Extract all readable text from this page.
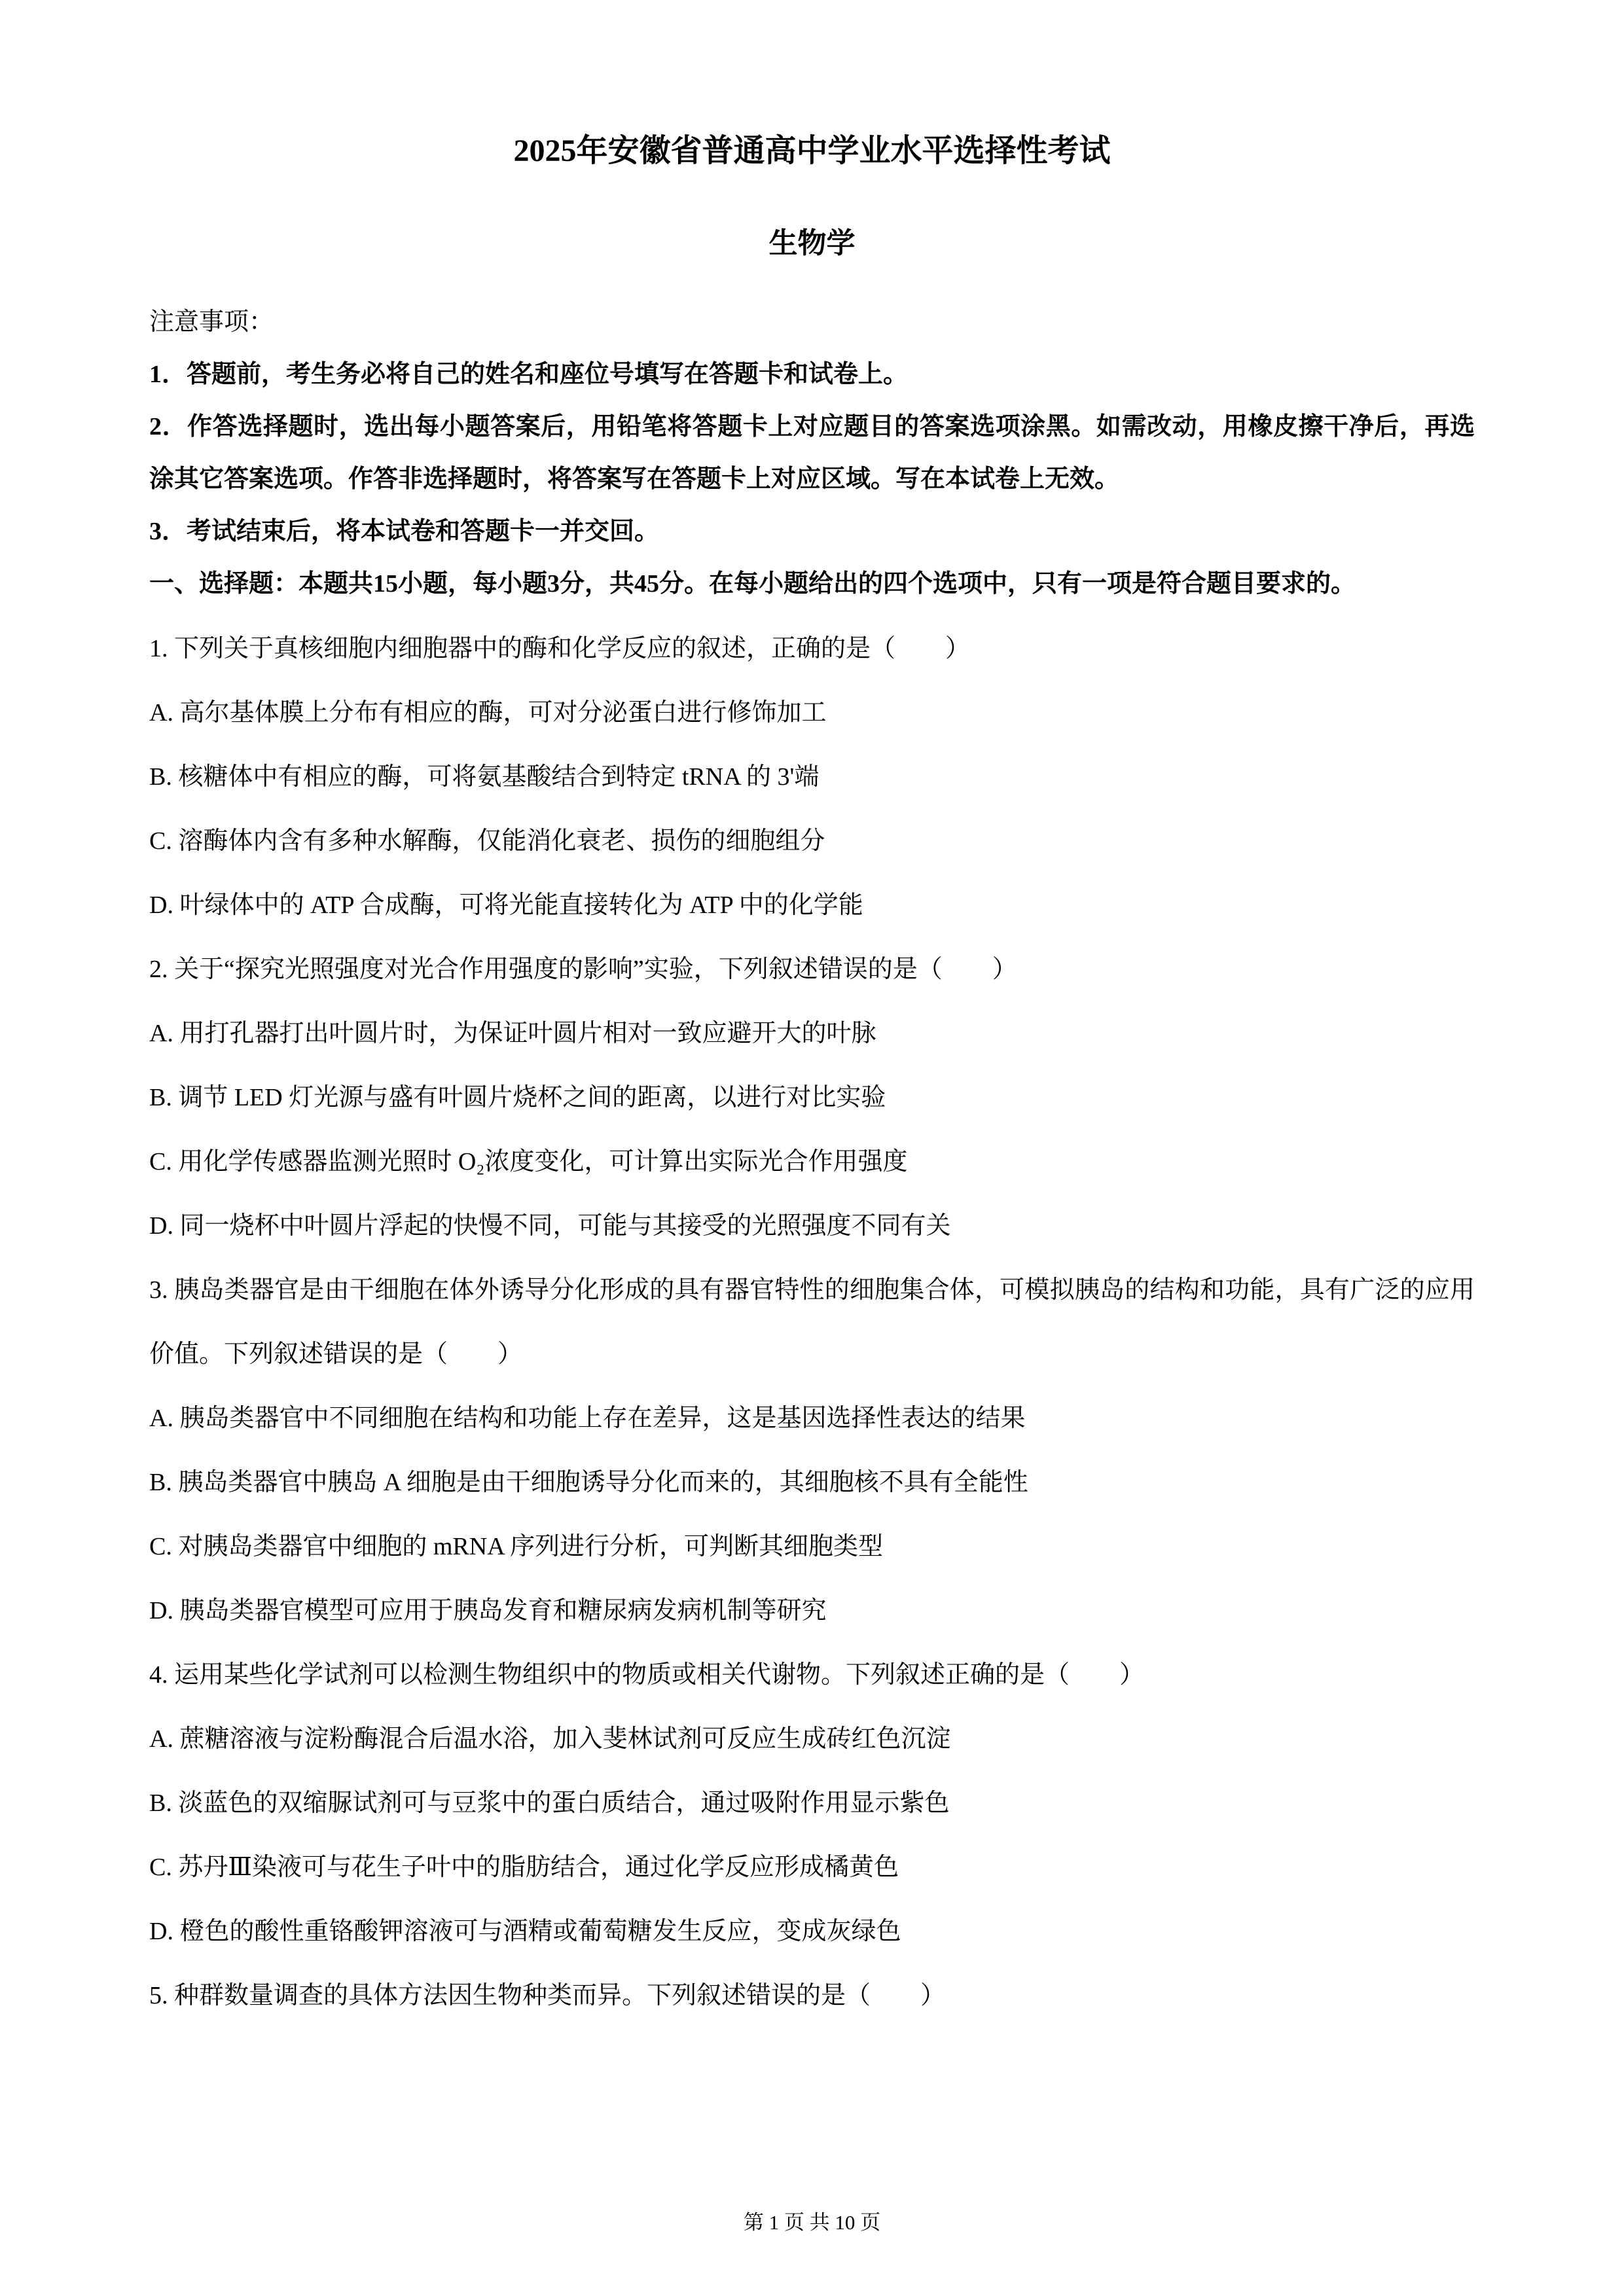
2025年安徽省普通高中学业水平选择性考试
生物学

注意事项：

1．答题前，考生务必将自己的姓名和座位号填写在答题卡和试卷上。

2．作答选择题时，选出每小题答案后，用铅笔将答题卡上对应题目的答案选项涂黑。如需改动，用橡皮擦干净后，再选涂其它答案选项。作答非选择题时，将答案写在答题卡上对应区域。写在本试卷上无效。

3．考试结束后，将本试卷和答题卡一并交回。

一、选择题：本题共15小题，每小题3分，共45分。在每小题给出的四个选项中，只有一项是符合题目要求的。

1. 下列关于真核细胞内细胞器中的酶和化学反应的叙述，正确的是（　　）

A. 高尔基体膜上分布有相应的酶，可对分泌蛋白进行修饰加工

B. 核糖体中有相应的酶，可将氨基酸结合到特定 tRNA 的 3'端

C. 溶酶体内含有多种水解酶，仅能消化衰老、损伤的细胞组分

D. 叶绿体中的 ATP 合成酶，可将光能直接转化为 ATP 中的化学能

2. 关于“探究光照强度对光合作用强度的影响”实验，下列叙述错误的是（　　）

A. 用打孔器打出叶圆片时，为保证叶圆片相对一致应避开大的叶脉

B. 调节 LED 灯光源与盛有叶圆片烧杯之间的距离，以进行对比实验

C. 用化学传感器监测光照时 O₂浓度变化，可计算出实际光合作用强度

D. 同一烧杯中叶圆片浮起的快慢不同，可能与其接受的光照强度不同有关

3. 胰岛类器官是由干细胞在体外诱导分化形成的具有器官特性的细胞集合体，可模拟胰岛的结构和功能，具有广泛的应用价值。下列叙述错误的是（　　）

A. 胰岛类器官中不同细胞在结构和功能上存在差异，这是基因选择性表达的结果

B. 胰岛类器官中胰岛 A 细胞是由干细胞诱导分化而来的，其细胞核不具有全能性

C. 对胰岛类器官中细胞的 mRNA 序列进行分析，可判断其细胞类型

D. 胰岛类器官模型可应用于胰岛发育和糖尿病发病机制等研究

4. 运用某些化学试剂可以检测生物组织中的物质或相关代谢物。下列叙述正确的是（　　）

A. 蔗糖溶液与淀粉酶混合后温水浴，加入斐林试剂可反应生成砖红色沉淀

B. 淡蓝色的双缩脲试剂可与豆浆中的蛋白质结合，通过吸附作用显示紫色

C. 苏丹Ⅲ染液可与花生子叶中的脂肪结合，通过化学反应形成橘黄色

D. 橙色的酸性重铬酸钾溶液可与酒精或葡萄糖发生反应，变成灰绿色

5. 种群数量调查的具体方法因生物种类而异。下列叙述错误的是（　　）

第 1 页 共 10 页
